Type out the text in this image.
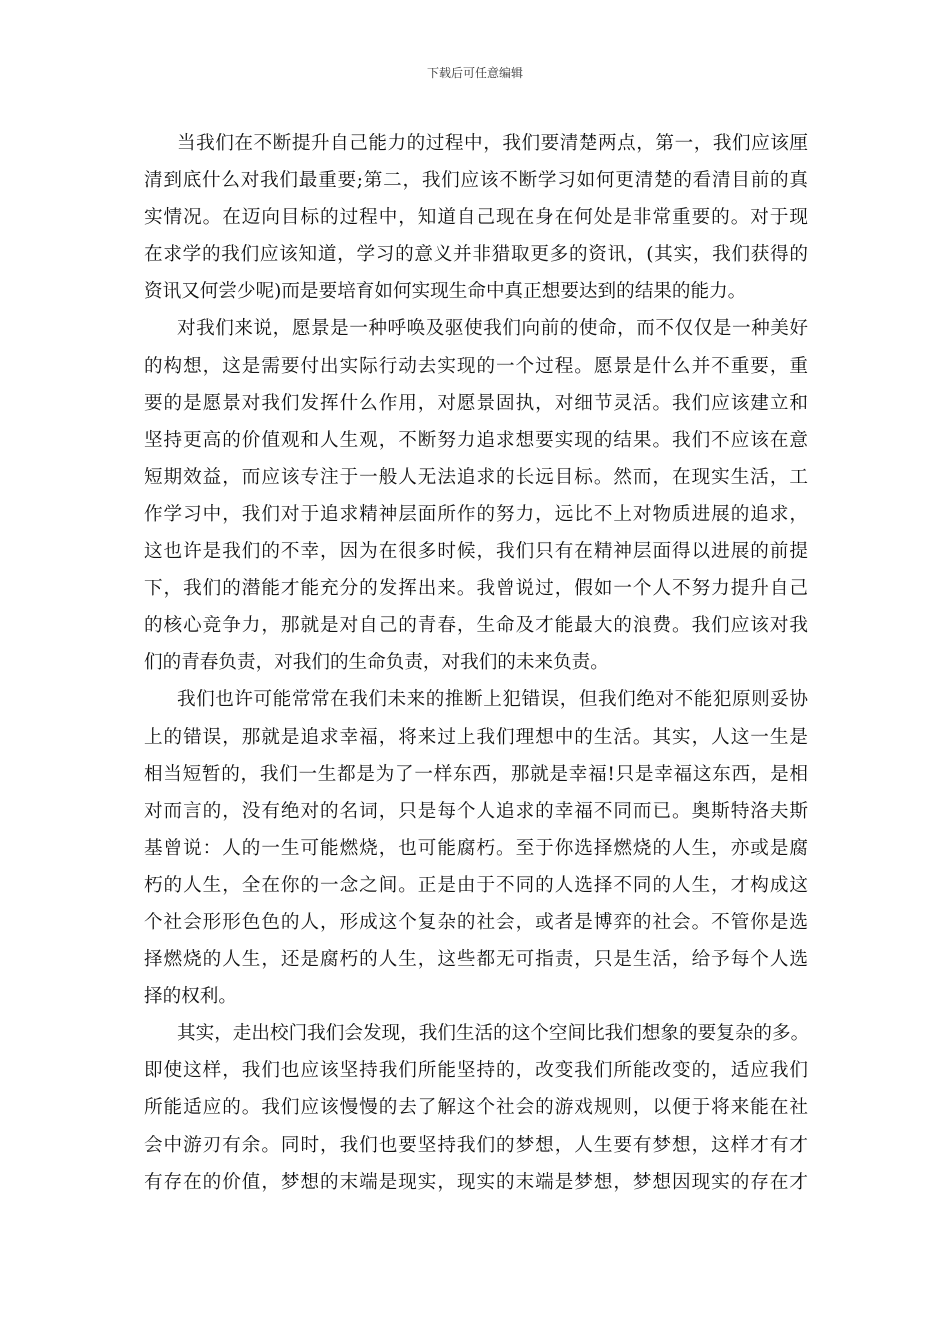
下载后可任意编辑
当我们在不断提升自己能力的过程中，我们要清楚两点，第一，我们应该厘
清到底什么对我们最重要;第二，我们应该不断学习如何更清楚的看清目前的真
实情况。在迈向目标的过程中，知道自己现在身在何处是非常重要的。对于现
在求学的我们应该知道，学习的意义并非猎取更多的资讯，(其实，我们获得的
资讯又何尝少呢)而是要培育如何实现生命中真正想要达到的结果的能力。
对我们来说，愿景是一种呼唤及驱使我们向前的使命，而不仅仅是一种美好
的构想，这是需要付出实际行动去实现的一个过程。愿景是什么并不重要，重
要的是愿景对我们发挥什么作用，对愿景固执，对细节灵活。我们应该建立和
坚持更高的价值观和人生观，不断努力追求想要实现的结果。我们不应该在意
短期效益，而应该专注于一般人无法追求的长远目标。然而，在现实生活，工
作学习中，我们对于追求精神层面所作的努力，远比不上对物质进展的追求，
这也许是我们的不幸，因为在很多时候，我们只有在精神层面得以进展的前提
下，我们的潜能才能充分的发挥出来。我曾说过，假如一个人不努力提升自己
的核心竞争力，那就是对自己的青春，生命及才能最大的浪费。我们应该对我
们的青春负责，对我们的生命负责，对我们的未来负责。
我们也许可能常常在我们未来的推断上犯错误，但我们绝对不能犯原则妥协
上的错误，那就是追求幸福，将来过上我们理想中的生活。其实，人这一生是
相当短暂的，我们一生都是为了一样东西，那就是幸福!只是幸福这东西，是相
对而言的，没有绝对的名词，只是每个人追求的幸福不同而已。奥斯特洛夫斯
基曾说：人的一生可能燃烧，也可能腐朽。至于你选择燃烧的人生，亦或是腐
朽的人生，全在你的一念之间。正是由于不同的人选择不同的人生，才构成这
个社会形形色色的人，形成这个复杂的社会，或者是博弈的社会。不管你是选
择燃烧的人生，还是腐朽的人生，这些都无可指责，只是生活，给予每个人选
择的权利。
其实，走出校门我们会发现，我们生活的这个空间比我们想象的要复杂的多。
即使这样，我们也应该坚持我们所能坚持的，改变我们所能改变的，适应我们
所能适应的。我们应该慢慢的去了解这个社会的游戏规则，以便于将来能在社
会中游刃有余。同时，我们也要坚持我们的梦想，人生要有梦想，这样才有才
有存在的价值，梦想的末端是现实，现实的末端是梦想，梦想因现实的存在才
